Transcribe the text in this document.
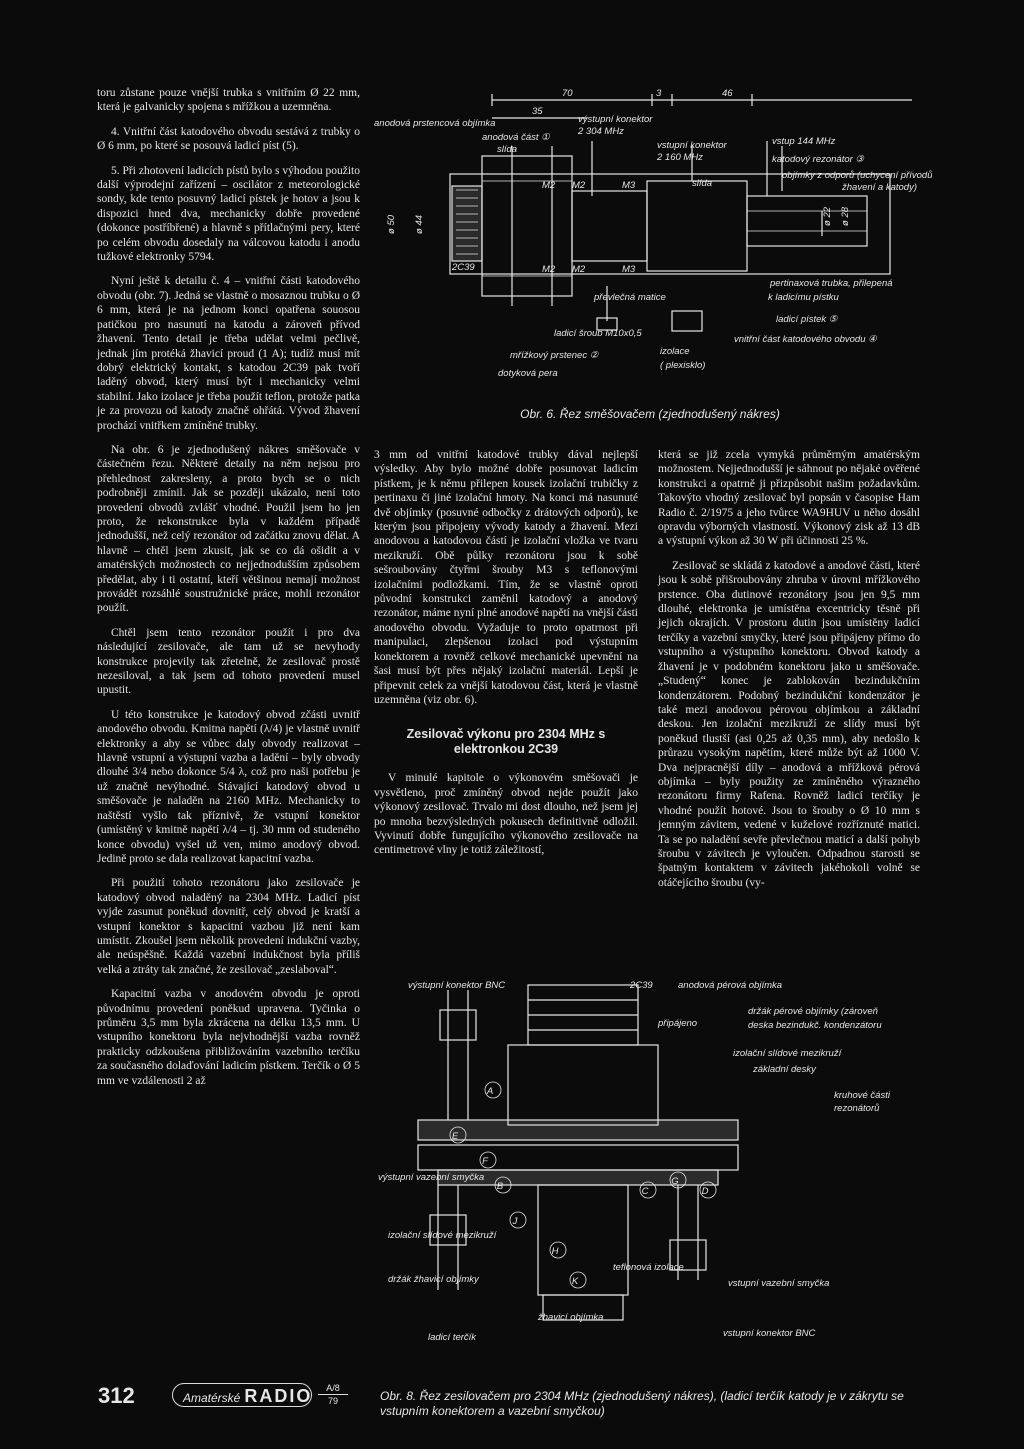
toru zůstane pouze vnější trubka s vnitřním Ø 22 mm, která je galvanicky spojena s mřížkou a uzemněna.

4. Vnitřní část katodového obvodu sestává z trubky o Ø 6 mm, po které se posouvá ladicí píst (5).

5. Při zhotovení ladicích pístů bylo s výhodou použito další výprodejní zařízení – oscilátor z meteorologické sondy, kde tento posuvný ladicí pístek je hotov a jsou k dispozici hned dva, mechanicky dobře provedené (dokonce postříbřené) a hlavně s přítlačnými pery, které po celém obvodu dosedaly na válcovou katodu i anodu tužkové elektronky 5794.

Nyní ještě k detailu č. 4 – vnitřní části katodového obvodu (obr. 7). Jedná se vlastně o mosaznou trubku o Ø 6 mm, která je na jednom konci opatřena souosou patičkou pro nasunutí na katodu a zároveň přívod žhavení. Tento detail je třeba udělat velmi pečlivě, jednak jím protéká žhavicí proud (1 A); tudíž musí mít dobrý elektrický kontakt, s katodou 2C39 pak tvoří laděný obvod, který musí být i mechanicky velmi stabilní. Jako izolace je třeba použít teflon, protože patka je za provozu od katody značně ohřátá. Vývod žhavení prochází vnitřkem zmíněné trubky.

Na obr. 6 je zjednodušený nákres směšovače v částečném řezu. Některé detaily na něm nejsou pro přehlednost zakresleny, a proto bych se o nich podrobněji zmínil. Jak se později ukázalo, není toto provedení obvodů zvlášť vhodné. Použil jsem ho jen proto, že rekonstrukce byla v každém případě jednodušší, než celý rezonátor od začátku znovu dělat. A hlavně – chtěl jsem zkusit, jak se co dá ošidit a v amatérských možnostech co nejjednodušším způsobem předělat, aby i ti ostatní, kteří většinou nemají možnost provádět rozsáhlé soustružnické práce, mohli rezonátor použít.

Chtěl jsem tento rezonátor použít i pro dva následující zesilovače, ale tam už se nevyhody konstrukce projevily tak zřetelně, že zesilovač prostě nezesiloval, a tak jsem od tohoto provedení musel upustit.

U této konstrukce je katodový obvod zčásti uvnitř anodového obvodu. Kmitna napětí (λ/4) je vlastně uvnitř elektronky a aby se vůbec daly obvody realizovat – hlavně vstupní a výstupní vazba a ladění – byly obvody dlouhé 3/4 nebo dokonce 5/4 λ, což pro naši potřebu je už značně nevýhodné. Stávající katodový obvod u směšovače je naladěn na 2160 MHz. Mechanicky to naštěstí vyšlo tak příznivě, že vstupní konektor (umístěný v kmitně napětí λ/4 – tj. 30 mm od studeného konce obvodu) vyšel už ven, mimo anodový obvod. Jedině proto se dala realizovat kapacitní vazba.

Při použití tohoto rezonátoru jako zesilovače je katodový obvod naladěný na 2304 MHz. Ladicí píst vyjde zasunut poněkud dovnitř, celý obvod je kratší a vstupní konektor s kapacitní vazbou již není kam umístit. Zkoušel jsem několik provedení indukční vazby, ale neúspěšně. Každá vazební indukčnost byla příliš velká a ztráty tak značné, že zesilovač „zeslaboval“.

Kapacitní vazba v anodovém obvodu je oproti původnímu provedení poněkud upravena. Tyčinka o průměru 3,5 mm byla zkrácena na délku 13,5 mm. U vstupního konektoru byla nejvhodnější vazba rovněž prakticky odzkoušena přibližováním vazebního terčíku za současného dolaďování ladicím pístkem. Terčík o Ø 5 mm ve vzdálenosti 2 až

70	3	46
35
anodová prstencová objímka
anodová část ①
výstupní konektor
2 304 MHz
slída	vstupní konektor
2 160 MHz
slída
vstup 144 MHz
katodový rezonátor ③
objímky z odporů (uchycení přívodů
žhavení a katody)
M2 M2	M3
M2 M2	M3
2C39
ø 50 ø 44	ø 22 ø 28
převlečná matice
ladicí šroub M10x0,5
mřížkový prstenec ②
dotyková pera
izolace
( plexisklo)
pertinaxová trubka, přilepená
k ladicímu pístku
ladicí pístek ⑤
vnitřní část katodového obvodu ④
Obr. 6. Řez směšovačem (zjednodušený nákres)

3 mm od vnitřní katodové trubky dával nejlepší výsledky. Aby bylo možné dobře posunovat ladicím pístkem, je k němu přilepen kousek izolační trubičky z pertinaxu či jiné izolační hmoty. Na konci má nasunuté dvě objímky (posuvné odbočky z drátových odporů), ke kterým jsou připojeny vývody katody a žhavení. Mezi anodovou a katodovou částí je izolační vložka ve tvaru mezikruží. Obě půlky rezonátoru jsou k sobě sešroubovány čtyřmi šrouby M3 s teflonovými izolačními podložkami. Tím, že se vlastně oproti původní konstrukci zaměnil katodový a anodový rezonátor, máme nyní plné anodové napětí na vnější části anodového obvodu. Vyžaduje to proto opatrnost při manipulaci, zlepšenou izolaci pod výstupním konektorem a rovněž celkové mechanické upevnění na šasi musí být přes nějaký izolační materiál. Lepší je připevnit celek za vnější katodovou část, která je vlastně uzemněna (viz obr. 6).

Zesilovač výkonu pro 2304 MHz s elektronkou 2C39

V minulé kapitole o výkonovém směšovači je vysvětleno, proč zmíněný obvod nejde použít jako výkonový zesilovač. Trvalo mi dost dlouho, než jsem jej po mnoha bezvýsledných pokusech definitivně odložil. Vyvinutí dobře fungujícího výkonového zesilovače na centimetrové vlny je totiž záležitostí,

která se již zcela vymyká průměrným amatérským možnostem. Nejjednodušší je sáhnout po nějaké ověřené konstrukci a opatrně ji přizpůsobit našim požadavkům. Takovýto vhodný zesilovač byl popsán v časopise Ham Radio č. 2/1975 a jeho tvůrce WA9HUV u něho dosáhl opravdu výborných vlastností. Výkonový zisk až 13 dB a výstupní výkon až 30 W při účinnosti 25 %.

Zesilovač se skládá z katodové a anodové části, které jsou k sobě přišroubovány zhruba v úrovni mřížkového prstence. Oba dutinové rezonátory jsou jen 9,5 mm dlouhé, elektronka je umístěna excentricky těsně při jejich okrajích. V prostoru dutin jsou umístěny ladicí terčíky a vazební smyčky, které jsou připájeny přímo do vstupního a výstupního konektoru. Obvod katody a žhavení je v podobném konektoru jako u směšovače. „Studený“ konec je zablokován bezindukčním kondenzátorem. Podobný bezindukční kondenzátor je také mezi anodovou pérovou objímkou a základní deskou. Jen izolační mezikruží ze slídy musí být poněkud tlustší (asi 0,25 až 0,35 mm), aby nedošlo k průrazu vysokým napětím, které může být až 1000 V. Dva nejpracnější díly – anodová a mřížková pérová objímka – byly použity ze zmíněného výrazného rezonátoru firmy Rafena. Rovněž ladicí terčíky je vhodné použít hotové. Jsou to šrouby o Ø 10 mm s jemným závitem, vedené v kuželové rozříznuté matici. Ta se po naladění sevře převlečnou maticí a další pohyb šroubu v závitech je vyloučen. Odpadnou starosti se špatným kontaktem v závitech jakéhokoli volně se otáčejícího šroubu (vy-

A
B	C	D
E
F
G
H
J
K
výstupní konektor BNC	2C39	anodová pérová objímka
připájeno
držák pérové objímky (zároveň
deska bezindukč. kondenzátoru
izolační slídové mezikruží
základní desky
kruhové části
rezonátorů
výstupní vazební smyčka
izolační slídové mezikruží
držák žhavicí objímky
ladicí terčík
žhavicí objímka
teflonová izolace
vstupní vazební smyčka
vstupní konektor BNC
Obr. 8. Řez zesilovačem pro 2304 MHz (zjednodušený nákres), (ladicí terčík katody je v zákrytu se vstupním konektorem a vazební smyčkou)
312	Amatérské RADIO	A/8
79
